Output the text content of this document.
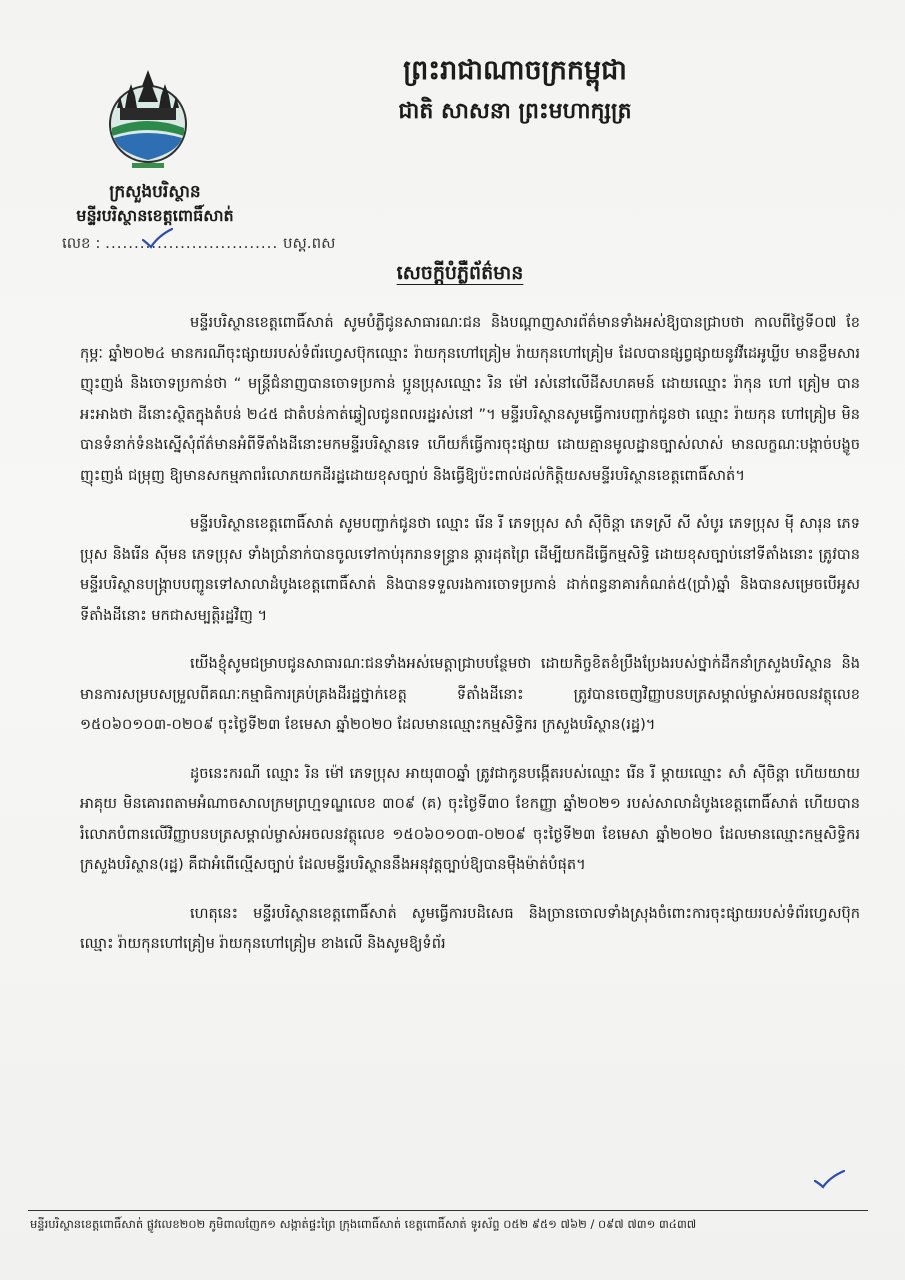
ព្រះរាជាណាចក្រកម្ពុជា
ជាតិ សាសនា ព្រះមហាក្សត្រ
ក្រសួងបរិស្ថាន
មន្ទីរបរិស្ថានខេត្តពោធិ៍សាត់
លេខ : .............................. បស្ត.ពស
សេចក្តីបំភ្លឺព័ត៌មាន

មន្ទីរបរិស្ថានខេត្តពោធិ៍សាត់ សូមបំភ្លឺជូនសាធារណៈជន និងបណ្តាញសារព័ត៌មានទាំងអស់ឱ្យបានជ្រាបថា កាលពីថ្ងៃទី០៧ ខែកុម្ភៈ ឆ្នាំ២០២៤ មានករណីចុះផ្សាយរបស់ទំព័រហ្វេសប៊ុកឈ្មោះ រ៉ាយកុនហៅគ្រៀម រ៉ាយកុនហៅគ្រៀម ដែលបានផ្សព្វផ្សាយនូវវីដេអូឃ្លីប មានខ្លឹមសារញុះញង់ និងចោទប្រកាន់ថា “ មន្ត្រីជំនាញបានចោទប្រកាន់ ប្អូនប្រុសឈ្មោះ រិន ម៉ៅ រស់នៅលើដីសហគមន៍ ដោយឈ្មោះ រ៉ាកុន ហៅ គ្រៀម បានអះអាងថា ដីនោះស្ថិតក្នុងតំបន់ ២៤៥ ជាតំបន់កាត់ឆ្វៀលជូនពលរដ្ឋរស់នៅ ”។ មន្ទីរបរិស្ថានសូមធ្វើការបញ្ជាក់ជូនថា ឈ្មោះ រ៉ាយកុន ហៅគ្រៀម មិនបានទំនាក់ទំនងស្នើសុំព័ត៌មានអំពីទីតាំងដីនោះមកមន្ទីរបរិស្ថានទេ ហើយក៏ធ្វើការចុះផ្សាយ ដោយគ្មានមូលដ្ឋានច្បាស់លាស់ មានលក្ខណៈបង្កាច់បង្ខូច ញុះញង់ ជម្រុញ ឱ្យមានសកម្មភាពរំលោភយកដីរដ្ឋដោយខុសច្បាប់ និងធ្វើឱ្យប៉ះពាល់ដល់កិត្តិយសមន្ទីរបរិស្ថានខេត្តពោធិ៍សាត់។

មន្ទីរបរិស្ថានខេត្តពោធិ៍សាត់ សូមបញ្ជាក់ជូនថា ឈ្មោះ រើន រី ភេទប្រុស សាំ ស៊ីចិន្តា ភេទស្រី សី សំបូរ ភេទប្រុស ម៉ី សារុន ភេទប្រុស និងរើន ស៊ីមន ភេទប្រុស ទាំងប្រាំនាក់បានចូលទៅកាប់រុករានទន្រ្ទាន ឆ្ការដុតព្រៃ ដើម្បីយកដីធ្វើកម្មសិទ្ធិ ដោយខុសច្បាប់នៅទីតាំងនោះ ត្រូវបានមន្ទីរបរិស្ថានបង្ក្រាបបញ្ជូនទៅសាលាដំបូងខេត្តពោធិ៍សាត់ និងបានទទួលរងការចោទប្រកាន់ ដាក់ពន្ធនាគារកំណត់៥(ប្រាំ)ឆ្នាំ និងបានសម្រេចបើអូសទីតាំងដីនោះ មកជាសម្បត្តិរដ្ឋវិញ ។

យើងខ្ញុំសូមជម្រាបជូនសាធារណៈជនទាំងអស់មេត្តាជ្រាបបន្ថែមថា ដោយកិច្ចខិតខំប្រឹងប្រែងរបស់ថ្នាក់ដឹកនាំក្រសួងបរិស្ថាន និងមានការសម្របសម្រួលពីគណៈកម្មាធិការគ្រប់គ្រងដីរដ្ឋថ្នាក់ខេត្ត ទីតាំងដីនោះ ត្រូវបានចេញវិញ្ញាបនបត្រសម្គាល់ម្ចាស់អចលនវត្ថុលេខ ១៥០៦០១០៣-០២០៩ ចុះថ្ងៃទី២៣ ខែមេសា ឆ្នាំ២០២០ ដែលមានឈ្មោះកម្មសិទ្ធិករ ក្រសួងបរិស្ថាន(រដ្ឋ)។

ដូចនេះករណី ឈ្មោះ រិន ម៉ៅ ភេទប្រុស អាយុ៣០ឆ្នាំ ត្រូវជាកូនបង្កើតរបស់ឈ្មោះ រើន រី ម្តាយឈ្មោះ សាំ ស៊ីចិន្តា ហើយយាយអាគុយ មិនគោរពតាមអំណាចសាលក្រមព្រហ្មទណ្ឌលេខ ៣០៩ (គ) ចុះថ្ងៃទី៣០ ខែកញ្ញា ឆ្នាំ២០២១ របស់សាលាដំបូងខេត្តពោធិ៍សាត់ ហើយបានរំលោភបំពានលើវិញ្ញាបនបត្រសម្គាល់ម្ចាស់អចលនវត្ថុលេខ ១៥០៦០១០៣-០២០៩ ចុះថ្ងៃទី២៣ ខែមេសា ឆ្នាំ២០២០ ដែលមានឈ្មោះកម្មសិទ្ធិករ ក្រសួងបរិស្ថាន(រដ្ឋ) គឺជាអំពើល្មើសច្បាប់ ដែលមន្ទីរបរិស្ថាននឹងអនុវត្តច្បាប់ឱ្យបានម៉ឺងម៉ាត់បំផុត។

ហេតុនេះ មន្ទីរបរិស្ថានខេត្តពោធិ៍សាត់ សូមធ្វើការបដិសេធ និងច្រានចោលទាំងស្រុងចំពោះការចុះផ្សាយរបស់ទំព័រហ្វេសប៊ុកឈ្មោះ រ៉ាយកុនហៅគ្រៀម រ៉ាយកុនហៅគ្រៀម ខាងលើ និងសូមឱ្យទំព័រ

មន្ទីរបរិស្ថានខេត្តពោធិ៍សាត់ ផ្លូវលេខ២០២ ភូមិពាលញែក១ សង្កាត់ផ្ទះព្រៃ ក្រុងពោធិ៍សាត់ ខេត្តពោធិ៍សាត់ ទូរស័ព្ទ ០៥២ ៩៥១ ៧៦២ / ០៩៧ ៧៣១ ៣៤៣៧
